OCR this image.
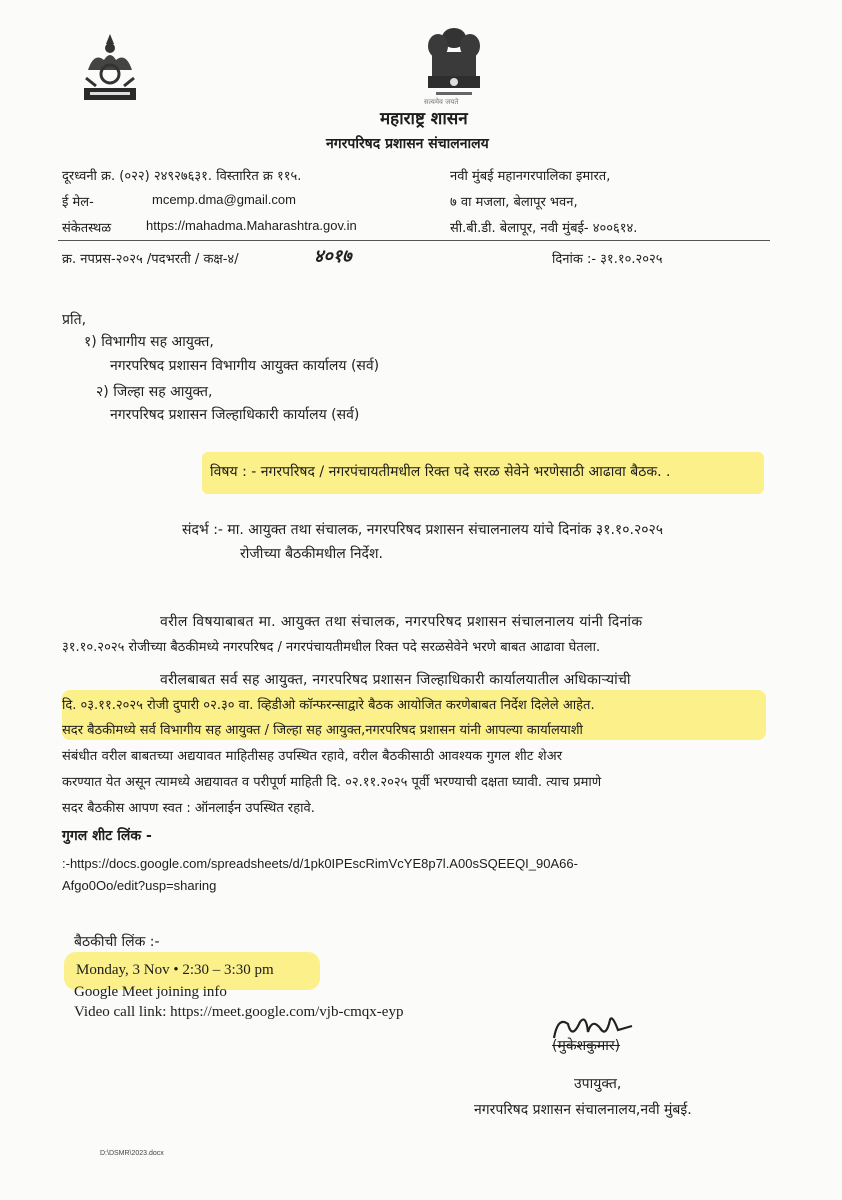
सत्यमेव जयते
महाराष्ट्र शासन
नगरपरिषद प्रशासन संचालनालय
दूरध्वनी क्र. (०२२) २४९२७६३१. विस्तारित क्र ११५.
ई मेल-	mcemp.dma@gmail.com
संकेतस्थळ	https://mahadma.Maharashtra.gov.in
नवी मुंबई महानगरपालिका इमारत,
७ वा मजला, बेलापूर भवन,
सी.बी.डी. बेलापूर, नवी मुंबई- ४००६१४.
क्र. नपप्रस-२०२५ /पदभरती / कक्ष-४/	४०१७	दिनांक :- ३१.१०.२०२५
प्रति,
१) विभागीय सह आयुक्त,
नगरपरिषद प्रशासन विभागीय आयुक्त कार्यालय (सर्व)
२) जिल्हा सह आयुक्त,
नगरपरिषद प्रशासन जिल्हाधिकारी कार्यालय (सर्व)
विषय : - नगरपरिषद / नगरपंचायतीमधील रिक्त पदे सरळ सेवेने भरणेसाठी आढावा बैठक. .
संदर्भ :- मा. आयुक्त तथा संचालक, नगरपरिषद प्रशासन संचालनालय यांचे दिनांक ३१.१०.२०२५
रोजीच्या बैठकीमधील निर्देश.
वरील विषयाबाबत मा. आयुक्त तथा संचालक, नगरपरिषद प्रशासन संचालनालय यांनी दिनांक
३१.१०.२०२५ रोजीच्या बैठकीमध्ये नगरपरिषद / नगरपंचायतीमधील रिक्त पदे सरळसेवेने भरणे बाबत आढावा घेतला.
वरीलबाबत सर्व सह आयुक्त, नगरपरिषद प्रशासन जिल्हाधिकारी कार्यालयातील अधिकाऱ्यांची
दि. ०३.११.२०२५ रोजी दुपारी ०२.३० वा. व्हिडीओ कॉन्फरन्साद्वारे बैठक आयोजित करणेबाबत निर्देश दिलेले आहेत.
सदर बैठकीमध्ये सर्व विभागीय सह आयुक्त / जिल्हा सह आयुक्त,नगरपरिषद प्रशासन यांनी आपल्या कार्यालयाशी
संबंधीत वरील बाबतच्या अद्ययावत माहितीसह उपस्थित रहावे, वरील बैठकीसाठी आवश्यक गुगल शीट शेअर
करण्यात येत असून त्यामध्ये अद्ययावत व परीपूर्ण माहिती दि. ०२.११.२०२५ पूर्वी भरण्याची दक्षता घ्यावी. त्याच प्रमाणे
सदर बैठकीस आपण स्वत : ऑनलाईन उपस्थित रहावे.
गुगल शीट लिंक -
:-https://docs.google.com/spreadsheets/d/1pk0IPEscRimVcYE8p7l.A00sSQEEQI_90A66-
Afgo0Oo/edit?usp=sharing
बैठकीची लिंक :-
Monday, 3 Nov • 2:30 – 3:30 pm
Google Meet joining info
Video call link: https://meet.google.com/vjb-cmqx-eyp
(मुकेशकुमार)
उपायुक्त,
नगरपरिषद प्रशासन संचालनालय,नवी मुंबई.
D:\DSMR\2023.docx
